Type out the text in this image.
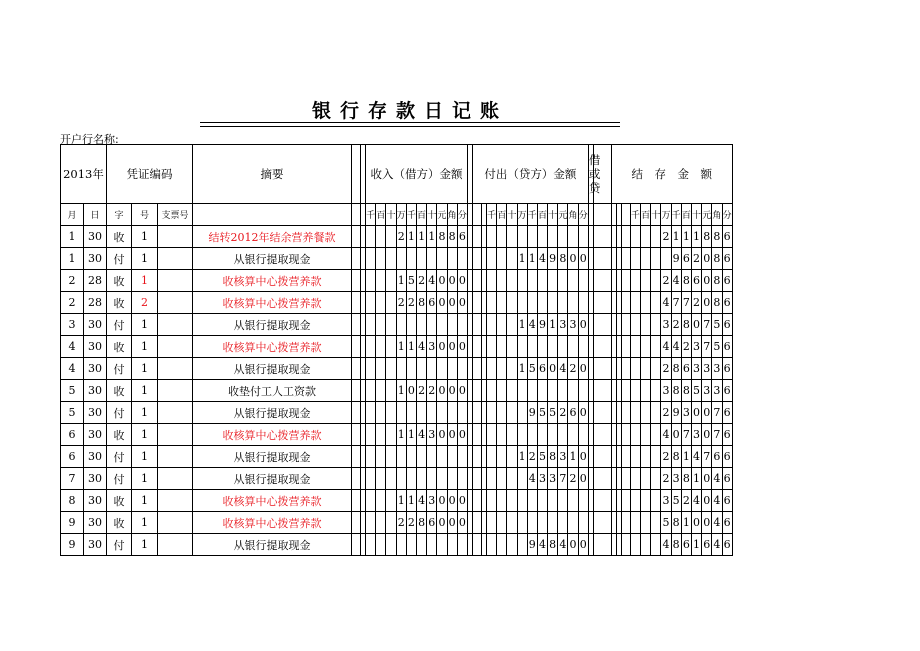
银行存款日记账
开户行名称:
2013年		凭证编码			摘要			收入（借方）金额											付出（贷方）金额												借
或
贷		结　存　金　额												
月	日	字	号	支票号				千	百	十	万	千	百	十	元	角	分				千	百	十	万	千	百	十	元	角	分						千	百	十	万	千	百	十	元	角	分
1	30	收	1		结转2012年结余营养餐款						2	1	1	1	8	8	6																						2	1	1	1	8	8	6
1	30	付	1		从银行提取现金																			1	1	4	9	8	0	0										9	6	2	0	8	6
2	28	收	1		收核算中心拨营养款						1	5	2	4	0	0	0																						2	4	8	6	0	8	6
2	28	收	2		收核算中心拨营养款						2	2	8	6	0	0	0																						4	7	7	2	0	8	6
3	30	付	1		从银行提取现金																			1	4	9	1	3	3	0									3	2	8	0	7	5	6
4	30	收	1		收核算中心拨营养款						1	1	4	3	0	0	0																						4	4	2	3	7	5	6
4	30	付	1		从银行提取现金																			1	5	6	0	4	2	0									2	8	6	3	3	3	6
5	30	收	1		收垫付工人工资款						1	0	2	2	0	0	0																						3	8	8	5	3	3	6
5	30	付	1		从银行提取现金																				9	5	5	2	6	0									2	9	3	0	0	7	6
6	30	收	1		收核算中心拨营养款						1	1	4	3	0	0	0																						4	0	7	3	0	7	6
6	30	付	1		从银行提取现金																			1	2	5	8	3	1	0									2	8	1	4	7	6	6
7	30	付	1		从银行提取现金																				4	3	3	7	2	0									2	3	8	1	0	4	6
8	30	收	1		收核算中心拨营养款						1	1	4	3	0	0	0																						3	5	2	4	0	4	6
9	30	收	1		收核算中心拨营养款						2	2	8	6	0	0	0																						5	8	1	0	0	4	6
9	30	付	1		从银行提取现金																				9	4	8	4	0	0									4	8	6	1	6	4	6
